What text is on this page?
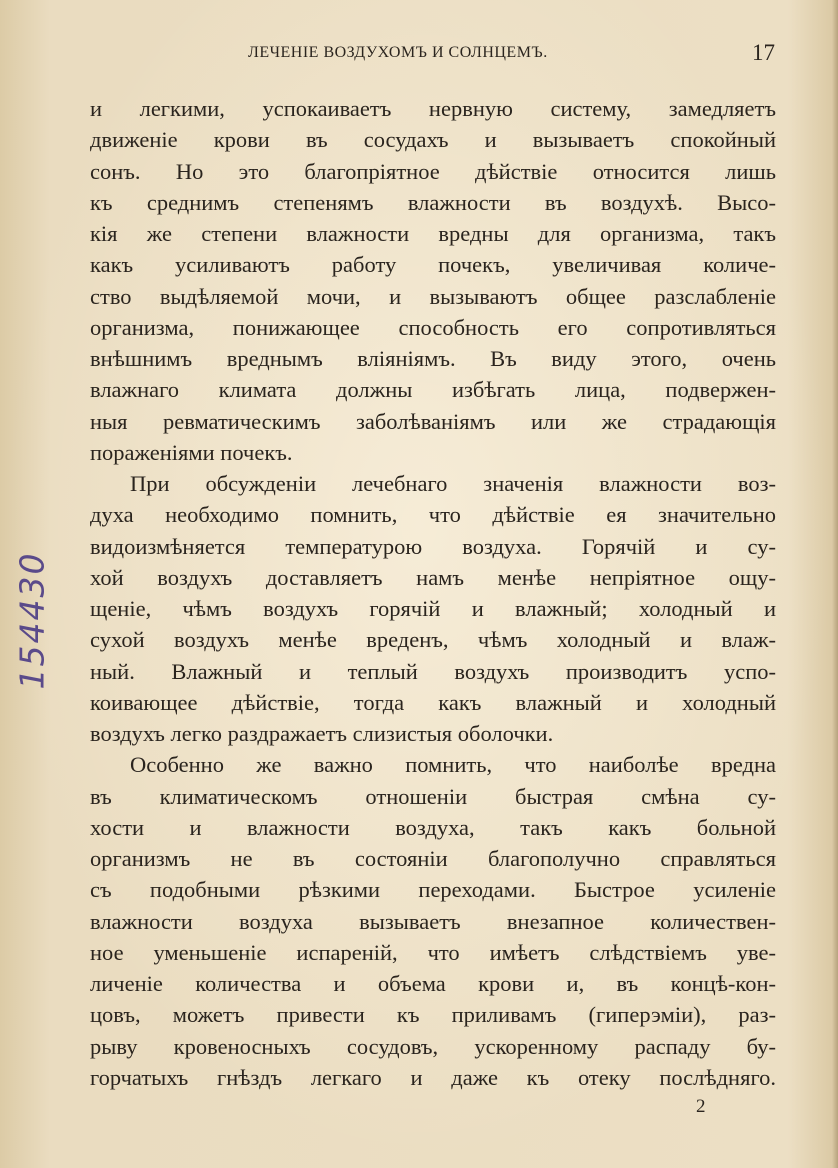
ЛЕЧЕНІЕ ВОЗДУХОМЪ И СОЛНЦЕМЪ.	17
154430
и легкими, успокаиваетъ нервную систему, замедляетъ
движеніе крови въ сосудахъ и вызываетъ спокойный
сонъ. Но это благопріятное дѣйствіе относится лишь
къ среднимъ степенямъ влажности въ воздухѣ. Высо-
кія же степени влажности вредны для организма, такъ
какъ усиливаютъ работу почекъ, увеличивая количе-
ство выдѣляемой мочи, и вызываютъ общее разслабленіе
организма, понижающее способность его сопротивляться
внѣшнимъ вреднымъ вліяніямъ. Въ виду этого, очень
влажнаго климата должны избѣгать лица, подвержен-
ныя ревматическимъ заболѣваніямъ или же страдающія
пораженіями почекъ.
При обсужденіи лечебнаго значенія влажности воз-
духа необходимо помнить, что дѣйствіе ея значительно
видоизмѣняется температурою воздуха. Горячій и су-
хой воздухъ доставляетъ намъ менѣе непріятное ощу-
щеніе, чѣмъ воздухъ горячій и влажный; холодный и
сухой воздухъ менѣе вреденъ, чѣмъ холодный и влаж-
ный. Влажный и теплый воздухъ производитъ успо-
коивающее дѣйствіе, тогда какъ влажный и холодный
воздухъ легко раздражаетъ слизистыя оболочки.
Особенно же важно помнить, что наиболѣе вредна
въ климатическомъ отношеніи быстрая смѣна су-
хости и влажности воздуха, такъ какъ больной
организмъ не въ состояніи благополучно справляться
съ подобными рѣзкими переходами. Быстрое усиленіе
влажности воздуха вызываетъ внезапное количествен-
ное уменьшеніе испареній, что имѣетъ слѣдствіемъ уве-
личеніе количества и объема крови и, въ концѣ-кон-
цовъ, можетъ привести къ приливамъ (гиперэміи), раз-
рыву кровеносныхъ сосудовъ, ускоренному распаду бу-
горчатыхъ гнѣздъ легкаго и даже къ отеку послѣдняго.
2
